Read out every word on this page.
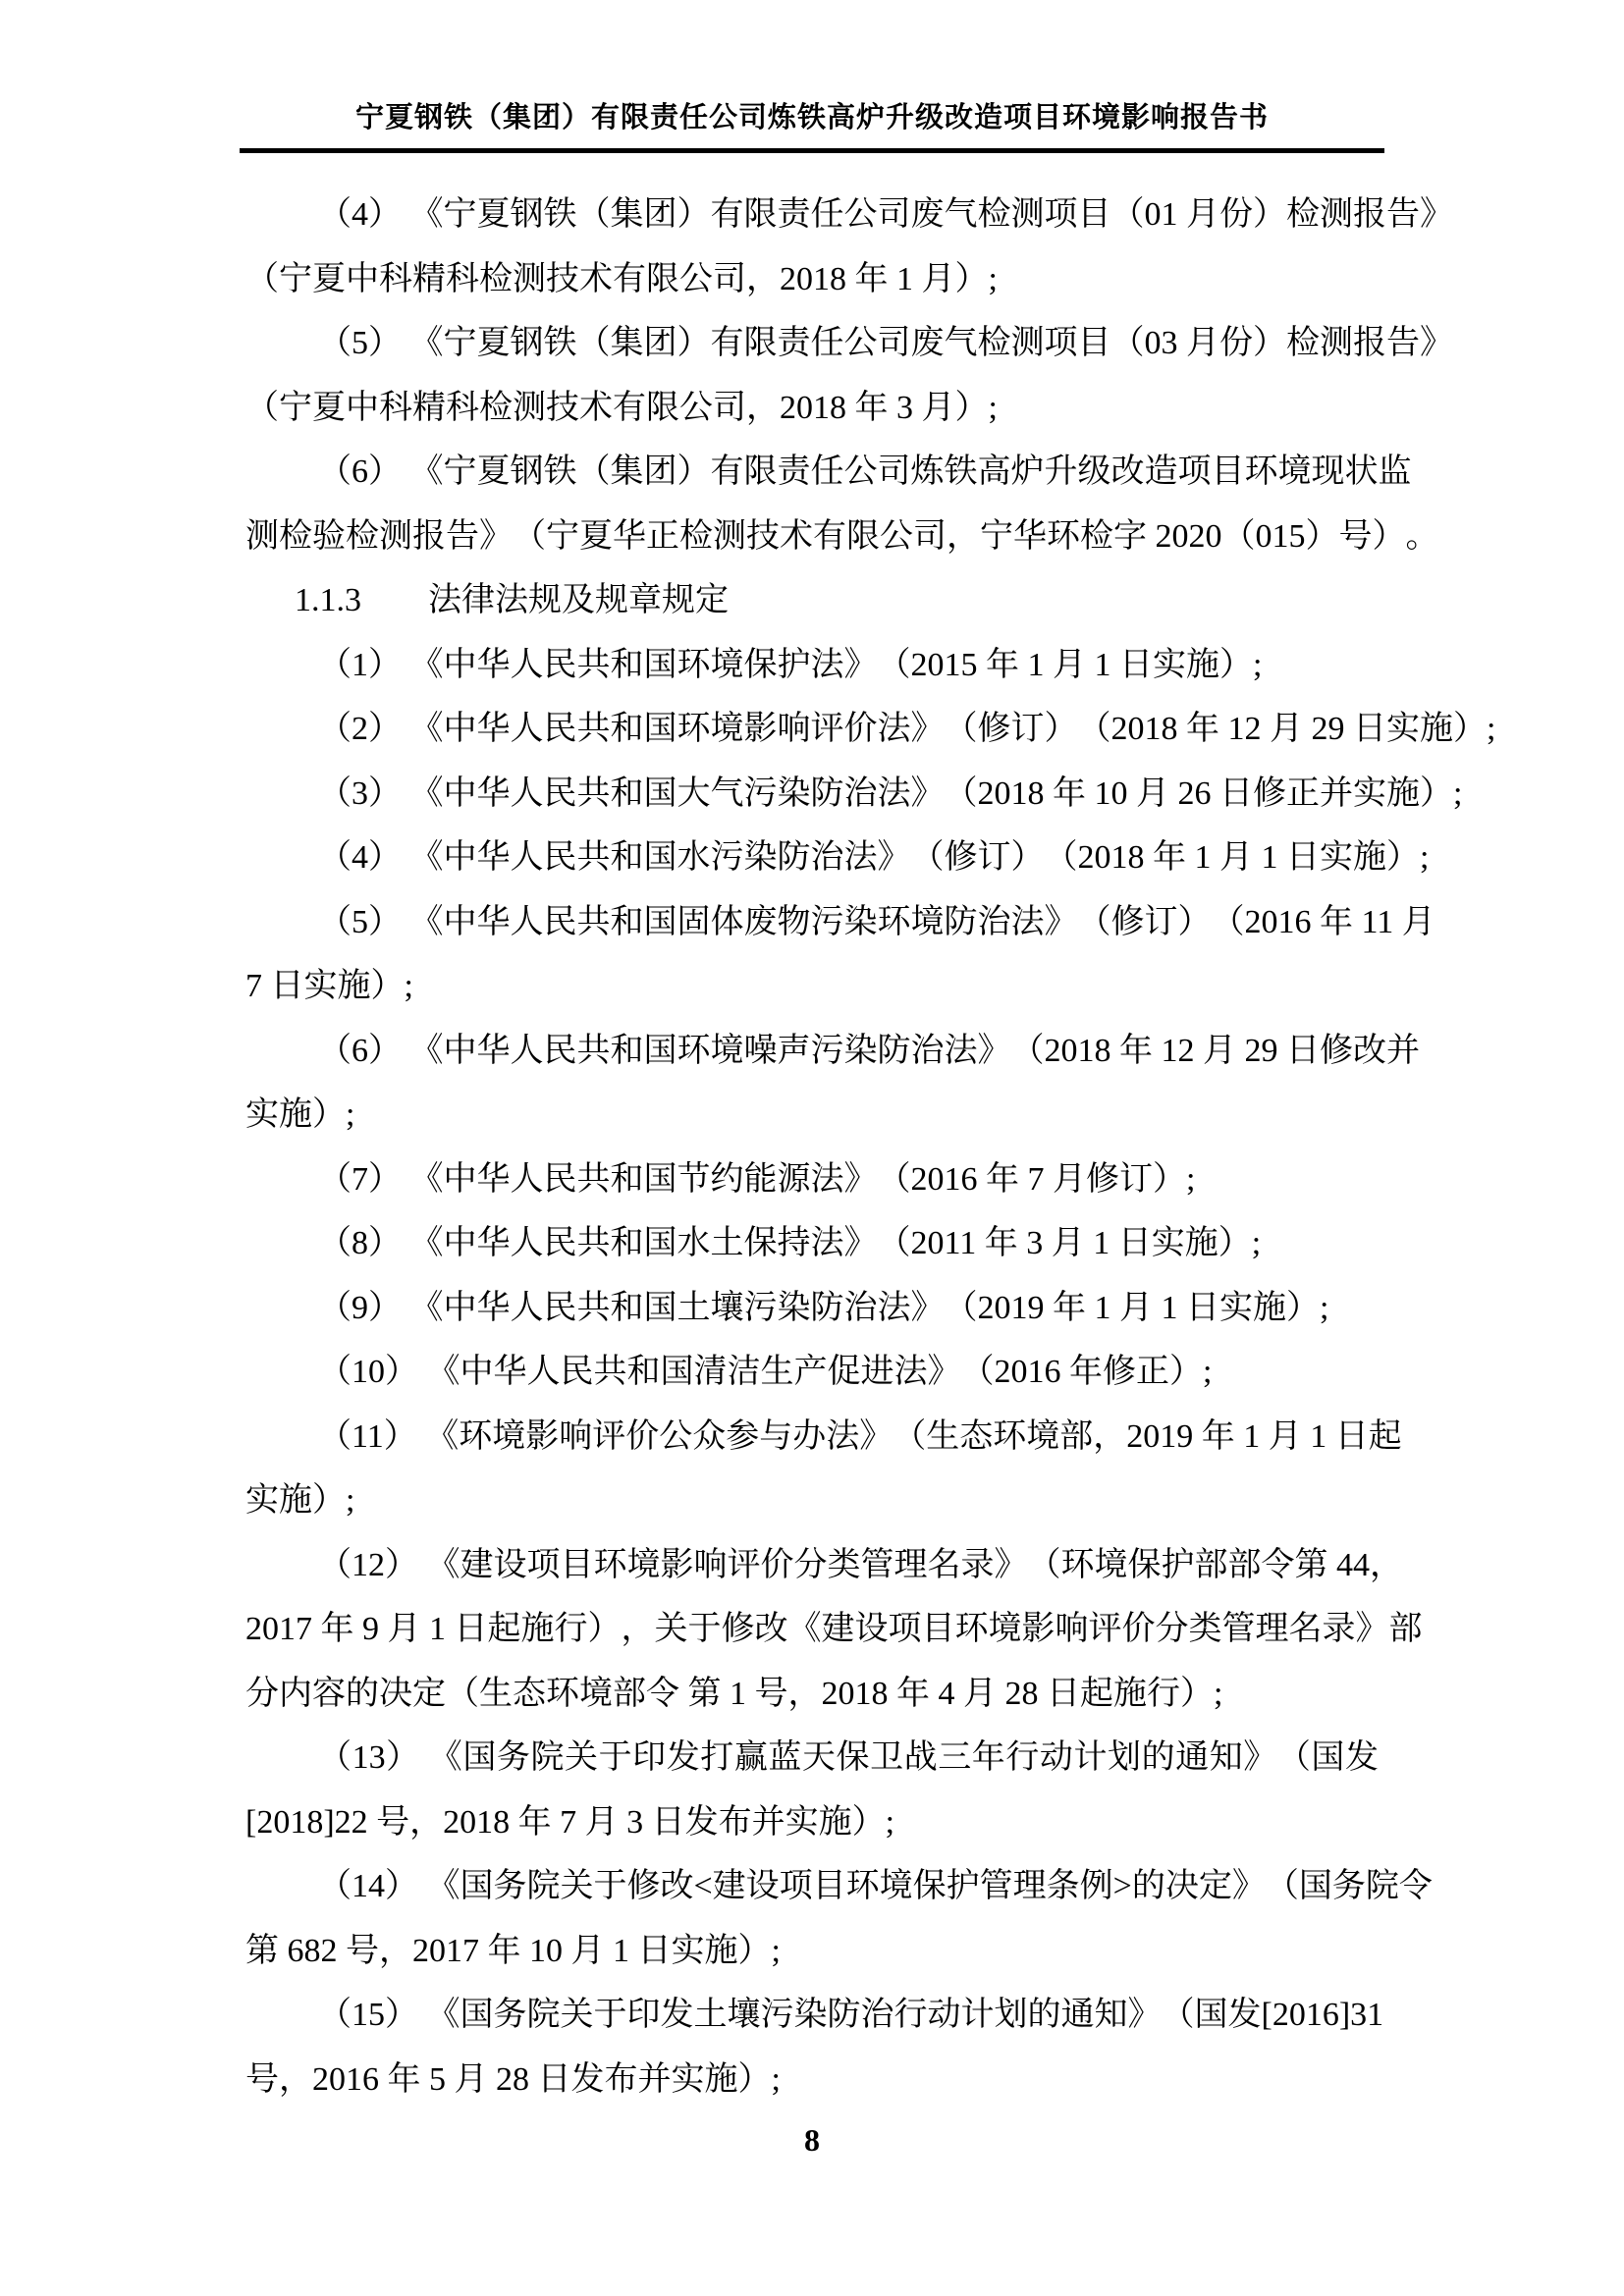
宁夏钢铁（集团）有限责任公司炼铁高炉升级改造项目环境影响报告书
（4） 《宁夏钢铁（集团）有限责任公司废气检测项目（01 月份）检测报告》
（宁夏中科精科检测技术有限公司，2018 年 1 月）;
（5） 《宁夏钢铁（集团）有限责任公司废气检测项目（03 月份）检测报告》
（宁夏中科精科检测技术有限公司，2018 年 3 月）;
（6） 《宁夏钢铁（集团）有限责任公司炼铁高炉升级改造项目环境现状监
测检验检测报告》（宁夏华正检测技术有限公司，宁华环检字 2020（015）号）。
1.1.3　　法律法规及规章规定
（1） 《中华人民共和国环境保护法》（2015 年 1 月 1 日实施）;
（2） 《中华人民共和国环境影响评价法》（修订）（2018 年 12 月 29 日实施）;
（3） 《中华人民共和国大气污染防治法》（2018 年 10 月 26 日修正并实施）;
（4） 《中华人民共和国水污染防治法》（修订）（2018 年 1 月 1 日实施）;
（5） 《中华人民共和国固体废物污染环境防治法》（修订）（2016 年 11 月
7 日实施）;
（6） 《中华人民共和国环境噪声污染防治法》（2018 年 12 月 29 日修改并
实施）;
（7） 《中华人民共和国节约能源法》（2016 年 7 月修订）;
（8） 《中华人民共和国水土保持法》（2011 年 3 月 1 日实施）;
（9） 《中华人民共和国土壤污染防治法》（2019 年 1 月 1 日实施）;
（10） 《中华人民共和国清洁生产促进法》（2016 年修正）;
（11） 《环境影响评价公众参与办法》（生态环境部，2019 年 1 月 1 日起
实施）;
（12） 《建设项目环境影响评价分类管理名录》（环境保护部部令第 44，
2017 年 9 月 1 日起施行），关于修改《建设项目环境影响评价分类管理名录》部
分内容的决定（生态环境部令 第 1 号，2018 年 4 月 28 日起施行）;
（13） 《国务院关于印发打赢蓝天保卫战三年行动计划的通知》（国发
[2018]22 号，2018 年 7 月 3 日发布并实施）;
（14） 《国务院关于修改<建设项目环境保护管理条例>的决定》（国务院令
第 682 号，2017 年 10 月 1 日实施）;
（15） 《国务院关于印发土壤污染防治行动计划的通知》（国发[2016]31
号，2016 年 5 月 28 日发布并实施）;
8
